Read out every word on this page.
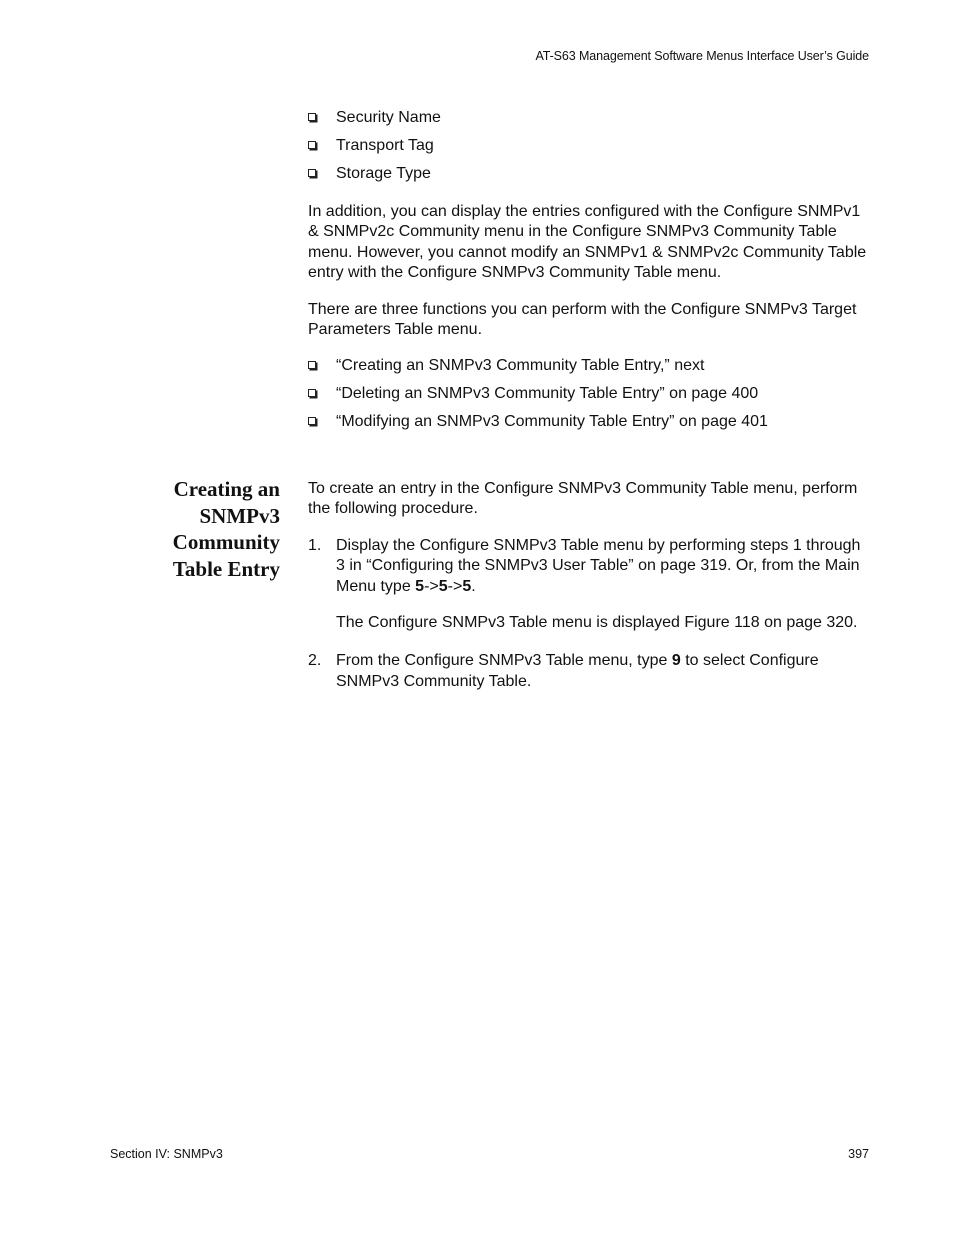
AT-S63 Management Software Menus Interface User’s Guide
Security Name
Transport Tag
Storage Type

In addition, you can display the entries configured with the Configure SNMPv1 & SNMPv2c Community menu in the Configure SNMPv3 Community Table menu. However, you cannot modify an SNMPv1 & SNMPv2c Community Table entry with the Configure SNMPv3 Community Table menu.

There are three functions you can perform with the Configure SNMPv3 Target Parameters Table menu.

“Creating an SNMPv3 Community Table Entry,” next
“Deleting an SNMPv3 Community Table Entry” on page 400
“Modifying an SNMPv3 Community Table Entry” on page 401
Creating an
SNMPv3
Community
Table Entry

To create an entry in the Configure SNMPv3 Community Table menu, perform the following procedure.

1. Display the Configure SNMPv3 Table menu by performing steps 1 through 3 in “Configuring the SNMPv3 User Table” on page 319. Or, from the Main Menu type 5->5->5.

The Configure SNMPv3 Table menu is displayed Figure 118 on page 320.

2. From the Configure SNMPv3 Table menu, type 9 to select Configure SNMPv3 Community Table.
Section IV: SNMPv3	397
